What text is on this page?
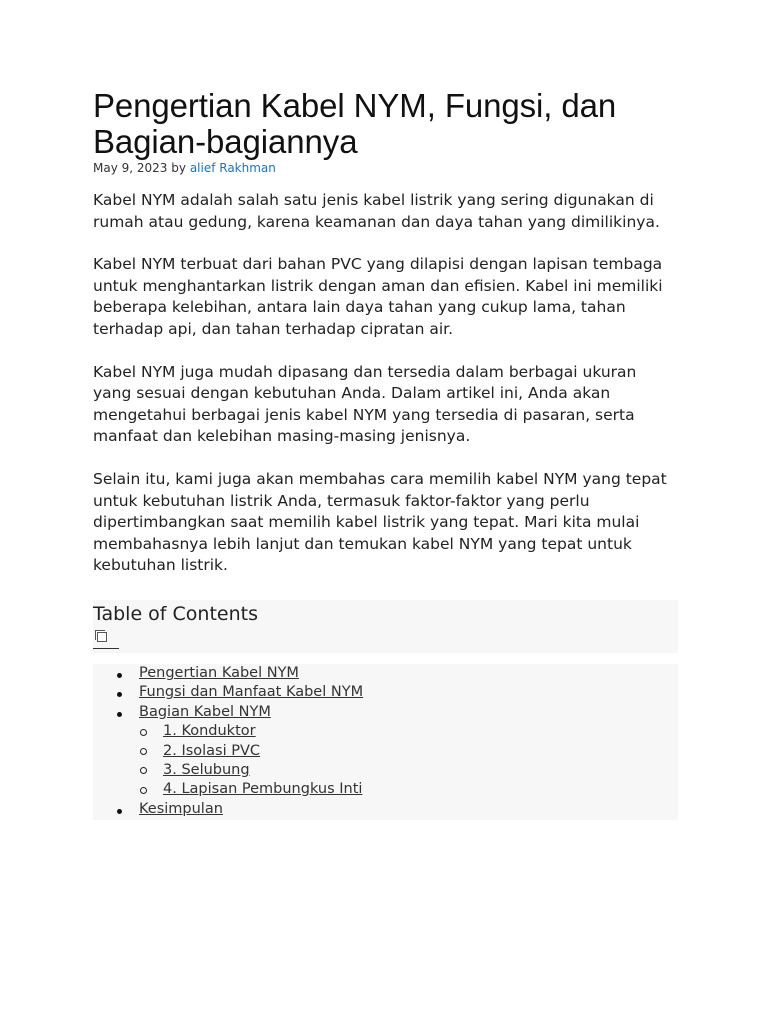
Pengertian Kabel NYM, Fungsi, dan Bagian-bagiannya
May 9, 2023 by alief Rakhman

Kabel NYM adalah salah satu jenis kabel listrik yang sering digunakan di rumah atau gedung, karena keamanan dan daya tahan yang dimilikinya.

Kabel NYM terbuat dari bahan PVC yang dilapisi dengan lapisan tembaga untuk menghantarkan listrik dengan aman dan efisien. Kabel ini memiliki beberapa kelebihan, antara lain daya tahan yang cukup lama, tahan terhadap api, dan tahan terhadap cipratan air.

Kabel NYM juga mudah dipasang dan tersedia dalam berbagai ukuran yang sesuai dengan kebutuhan Anda. Dalam artikel ini, Anda akan mengetahui berbagai jenis kabel NYM yang tersedia di pasaran, serta manfaat dan kelebihan masing-masing jenisnya.

Selain itu, kami juga akan membahas cara memilih kabel NYM yang tepat untuk kebutuhan listrik Anda, termasuk faktor-faktor yang perlu dipertimbangkan saat memilih kabel listrik yang tepat. Mari kita mulai membahasnya lebih lanjut dan temukan kabel NYM yang tepat untuk kebutuhan listrik.

Table of Contents
Pengertian Kabel NYM
Fungsi dan Manfaat Kabel NYM
Bagian Kabel NYM
1. Konduktor
2. Isolasi PVC
3. Selubung
4. Lapisan Pembungkus Inti
Kesimpulan
